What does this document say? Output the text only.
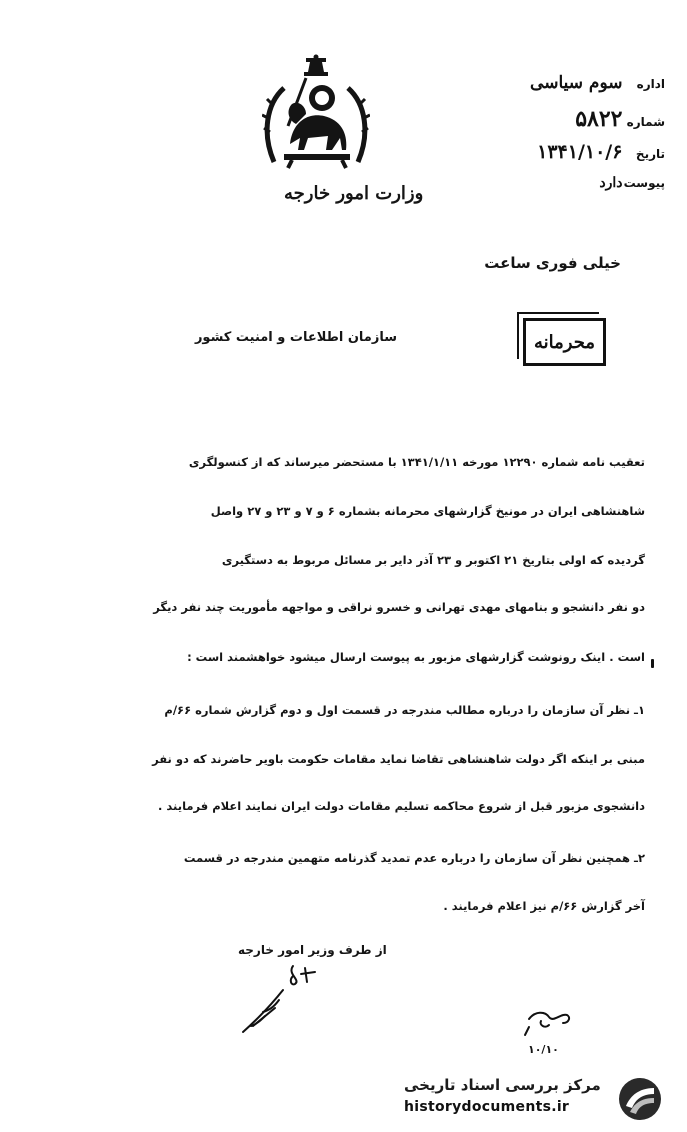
اداره سوم سیاسی
شماره ۵۸۲۲
تاریخ ۱۳۴۱/۱۰/۶
پیوست دارد
وزارت امور خارجه
خیلی فوری ساعت
محرمانه
سازمان اطلاعات و امنیت کشور
تعقیب نامه شماره ۱۲۲۹۰ مورخه ۱۳۴۱/۱/۱۱ با مستحضر میرساند که از کنسولگری
شاهنشاهی ایران در مونیخ گزارشهای محرمانه بشماره ۶ و ۷ و ۲۳ و ۲۷ واصل
گردیده که اولی بتاریخ ۲۱ اکتوبر و ۲۳ آذر دایر بر مسائل مربوط به دستگیری
دو نفر دانشجو و بنامهای مهدی تهرانی و خسرو نراقی و مواجهه مأموریت چند نفر دیگر
است . اینک رونوشت گزارشهای مزبور به پیوست ارسال میشود خواهشمند است :
۱ـ نظر آن سازمان را درباره مطالب مندرجه در قسمت اول و دوم گزارش شماره ۶۶/م
مبنی بر اینکه اگر دولت شاهنشاهی تقاضا نماید مقامات حکومت باویر حاضرند که دو نفر
دانشجوی مزبور قبل از شروع محاکمه تسلیم مقامات دولت ایران نمایند اعلام فرمایند .
۲ـ همچنین نظر آن سازمان را درباره عدم تمدید گذرنامه متهمین مندرجه در قسمت
آخر گزارش ۶۶/م نیز اعلام فرمایند .
از طرف وزیر امور خارجه
۱۰/۱۰
مرکز بررسی اسناد تاریخی
historydocuments.ir
